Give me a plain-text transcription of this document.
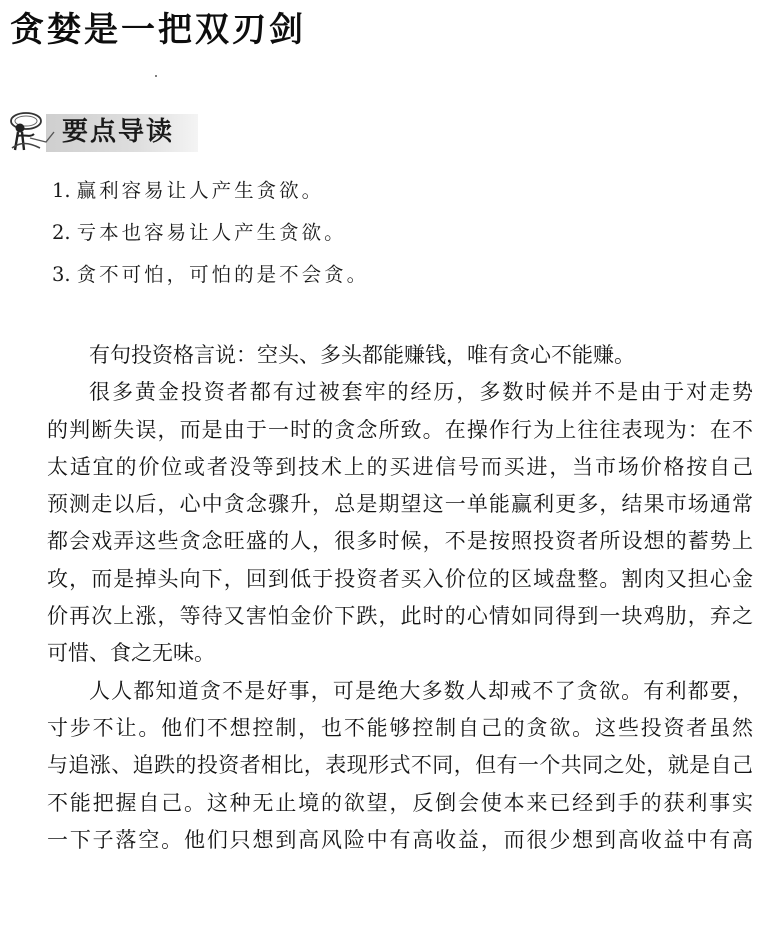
贪婪是一把双刃剑
要点导读
1. 赢利容易让人产生贪欲。
2. 亏本也容易让人产生贪欲。
3. 贪不可怕，可怕的是不会贪。
有句投资格言说：空头、多头都能赚钱，唯有贪心不能赚。
很多黄金投资者都有过被套牢的经历，多数时候并不是由于对走势
的判断失误，而是由于一时的贪念所致。在操作行为上往往表现为：在不
太适宜的价位或者没等到技术上的买进信号而买进，当市场价格按自己
预测走以后，心中贪念骤升，总是期望这一单能赢利更多，结果市场通常
都会戏弄这些贪念旺盛的人，很多时候，不是按照投资者所设想的蓄势上
攻，而是掉头向下，回到低于投资者买入价位的区域盘整。割肉又担心金
价再次上涨，等待又害怕金价下跌，此时的心情如同得到一块鸡肋，弃之
可惜、食之无味。
人人都知道贪不是好事，可是绝大多数人却戒不了贪欲。有利都要，
寸步不让。他们不想控制，也不能够控制自己的贪欲。这些投资者虽然
与追涨、追跌的投资者相比，表现形式不同，但有一个共同之处，就是自己
不能把握自己。这种无止境的欲望，反倒会使本来已经到手的获利事实
一下子落空。他们只想到高风险中有高收益，而很少想到高收益中有高
